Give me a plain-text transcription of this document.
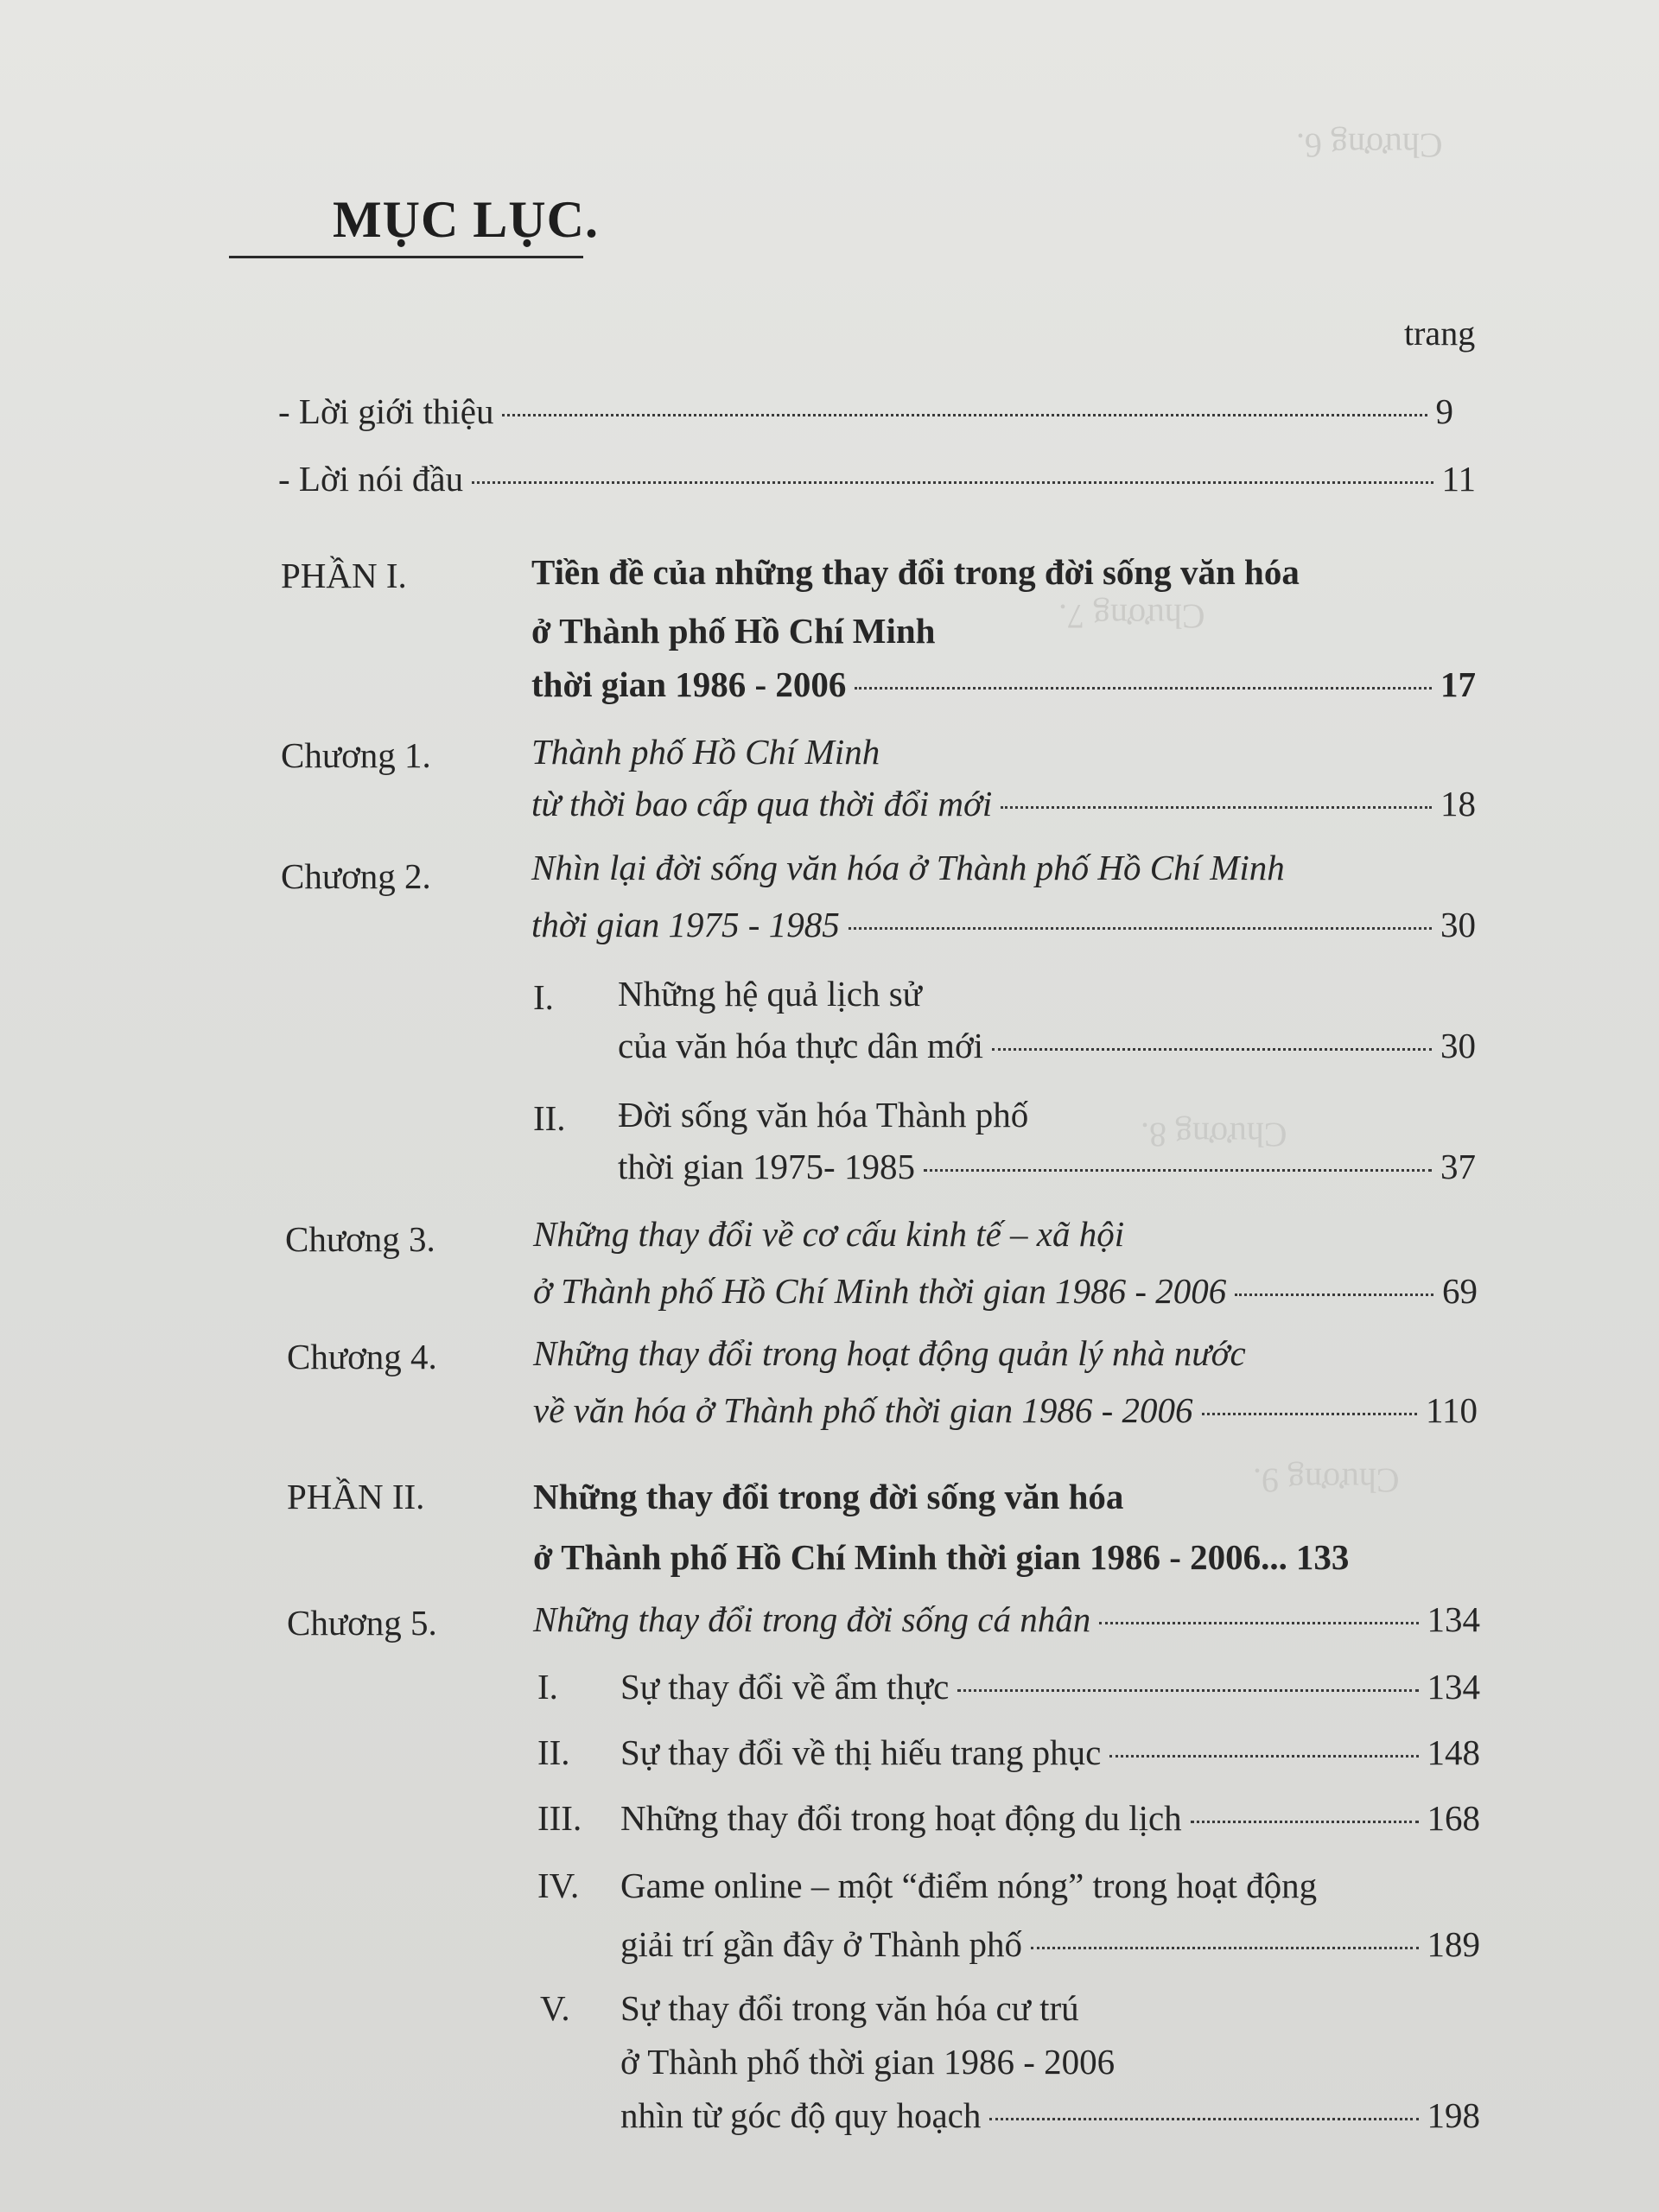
Chương 6.
Chương 7.
Chương 8.
Chương 9.
MỤC LỤC.
trang
- Lời giới thiệu	9
- Lời nói đầu	11
PHẦN I.	Tiền đề của những thay đổi trong đời sống văn hóa
ở Thành phố Hồ Chí Minh
thời gian 1986 - 2006	17
Chương 1.	Thành phố Hồ Chí Minh
từ thời bao cấp qua thời đổi mới	18
Chương 2.	Nhìn lại đời sống văn hóa ở Thành phố Hồ Chí Minh
thời gian 1975 - 1985	30
I. Những hệ quả lịch sử
của văn hóa thực dân mới	30
II. Đời sống văn hóa Thành phố
thời gian 1975- 1985	37
Chương 3.	Những thay đổi về cơ cấu kinh tế – xã hội
ở Thành phố Hồ Chí Minh thời gian 1986 - 2006	69
Chương 4.	Những thay đổi trong hoạt động quản lý nhà nước
về văn hóa ở Thành phố thời gian 1986 - 2006	110
PHẦN II.	Những thay đổi trong đời sống văn hóa
ở Thành phố Hồ Chí Minh thời gian 1986 - 2006... 133
Chương 5.	Những thay đổi trong đời sống cá nhân	134
I. Sự thay đổi về ẩm thực	134
II. Sự thay đổi về thị hiếu trang phục	148
III. Những thay đổi trong hoạt động du lịch	168
IV. Game online – một “điểm nóng” trong hoạt động
giải trí gần đây ở Thành phố	189
V. Sự thay đổi trong văn hóa cư trú
ở Thành phố thời gian 1986 - 2006
nhìn từ góc độ quy hoạch	198
